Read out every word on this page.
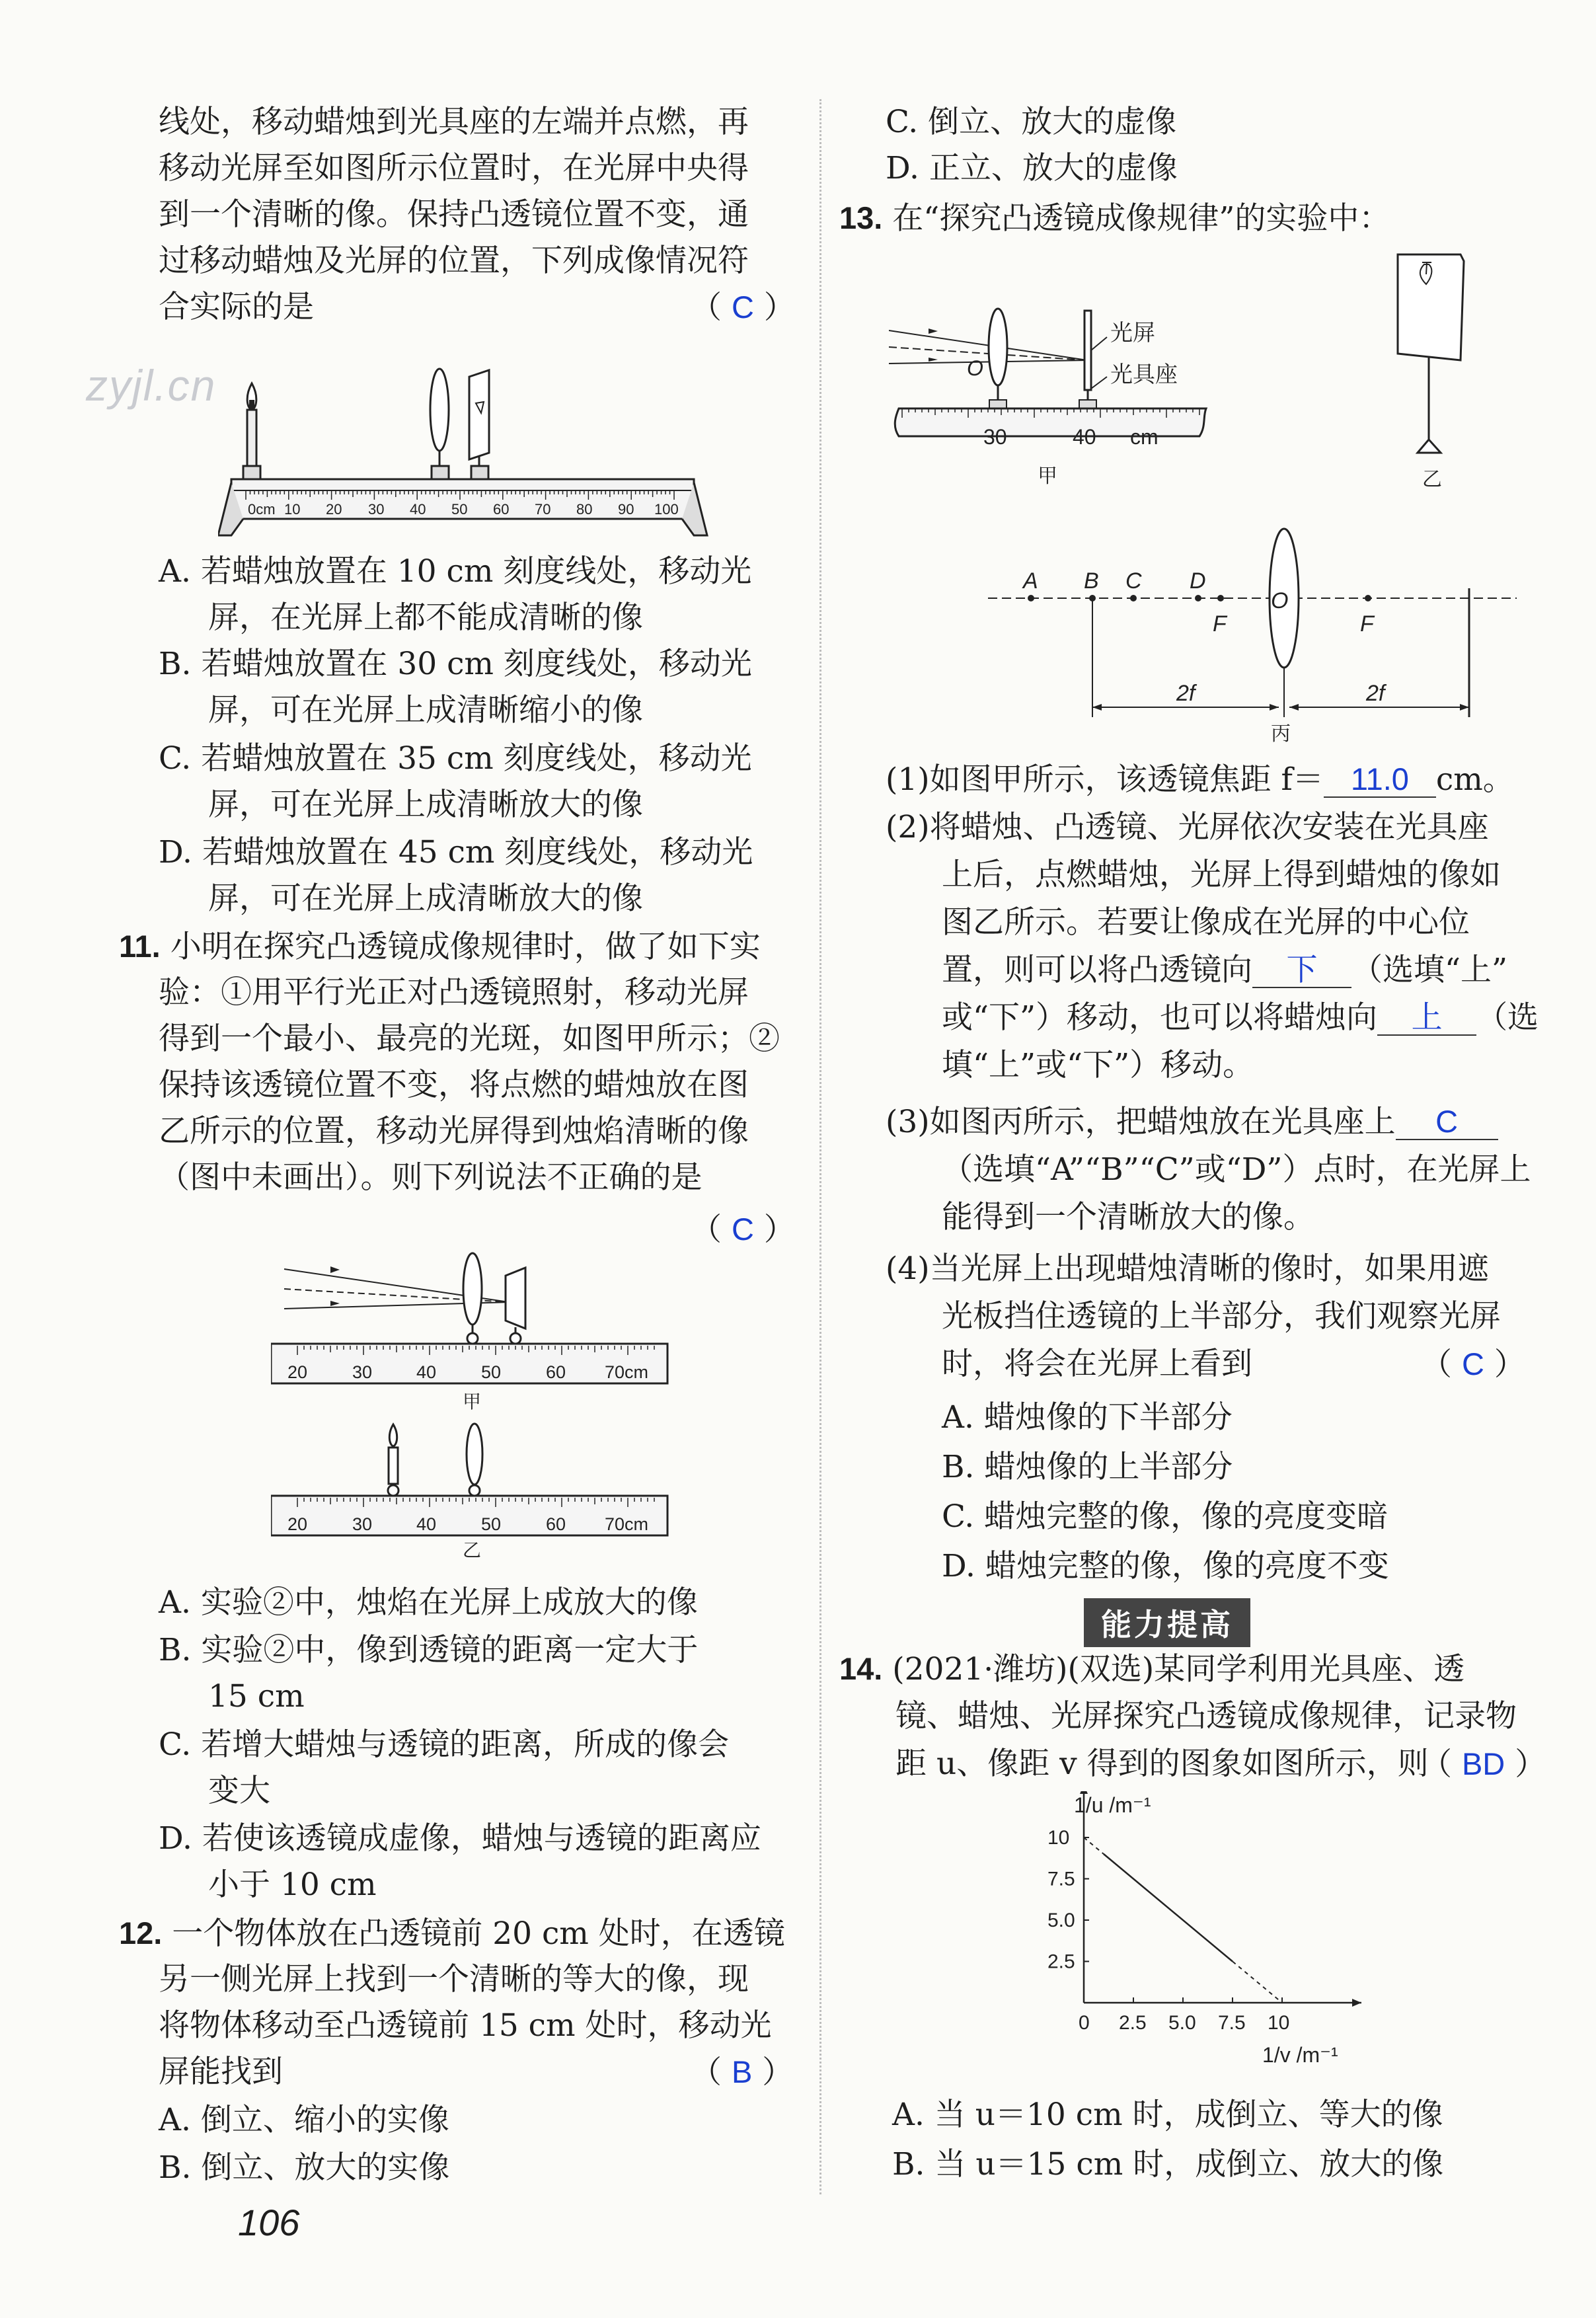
zyjl.cn
线处，移动蜡烛到光具座的左端并点燃，再
移动光屏至如图所示位置时，在光屏中央得
到一个清晰的像。保持凸透镜位置不变，通
过移动蜡烛及光屏的位置，下列成像情况符
合实际的是	（ C ）
0cm 10 20 30 40 50 60 70 80 90 100
A. 若蜡烛放置在 10 cm 刻度线处，移动光
屏，在光屏上都不能成清晰的像
B. 若蜡烛放置在 30 cm 刻度线处，移动光
屏，可在光屏上成清晰缩小的像
C. 若蜡烛放置在 35 cm 刻度线处，移动光
屏，可在光屏上成清晰放大的像
D. 若蜡烛放置在 45 cm 刻度线处，移动光
屏，可在光屏上成清晰放大的像
11. 小明在探究凸透镜成像规律时，做了如下实
验：①用平行光正对凸透镜照射，移动光屏
得到一个最小、最亮的光斑，如图甲所示；②
保持该透镜位置不变，将点燃的蜡烛放在图
乙所示的位置，移动光屏得到烛焰清晰的像
（图中未画出）。则下列说法不正确的是
（ C ）
20	30 40	50	60 70cm
甲
20	30 40	50	60 70cm
乙
A. 实验②中，烛焰在光屏上成放大的像
B. 实验②中，像到透镜的距离一定大于
15 cm
C. 若增大蜡烛与透镜的距离，所成的像会
变大
D. 若使该透镜成虚像，蜡烛与透镜的距离应
小于 10 cm
12. 一个物体放在凸透镜前 20 cm 处时，在透镜
另一侧光屏上找到一个清晰的等大的像，现
将物体移动至凸透镜前 15 cm 处时，移动光
屏能找到	（ B ）
A. 倒立、缩小的实像
B. 倒立、放大的实像
106
C. 倒立、放大的虚像
D. 正立、放大的虚像
13. 在“探究凸透镜成像规律”的实验中：
O
光屏
光具座
30	40 cm
甲	乙
A B C D
F	F
O
2f	2f
丙
(1)如图甲所示，该透镜焦距 f＝ 11.0 cm。
(2)将蜡烛、凸透镜、光屏依次安装在光具座
上后，点燃蜡烛，光屏上得到蜡烛的像如
图乙所示。若要让像成在光屏的中心位
置，则可以将凸透镜向 下 （选填“上”
或“下”）移动，也可以将蜡烛向 上 （选
填“上”或“下”）移动。
(3)如图丙所示，把蜡烛放在光具座上 C
（选填“A”“B”“C”或“D”）点时，在光屏上
能得到一个清晰放大的像。
(4)当光屏上出现蜡烛清晰的像时，如果用遮
光板挡住透镜的上半部分，我们观察光屏
时，将会在光屏上看到	（ C ）
A. 蜡烛像的下半部分
B. 蜡烛像的上半部分
C. 蜡烛完整的像，像的亮度变暗
D. 蜡烛完整的像，像的亮度不变
能力提高
14. (2021·潍坊)(双选)某同学利用光具座、透
镜、蜡烛、光屏探究凸透镜成像规律，记录物
距 u、像距 v 得到的图象如图所示，则
（ BD ）
0 2.5 5.0 7.5 10
2.5
5.0
7.5
10
1/u /m⁻¹
1/v /m⁻¹
A. 当 u＝10 cm 时，成倒立、等大的像
B. 当 u＝15 cm 时，成倒立、放大的像
